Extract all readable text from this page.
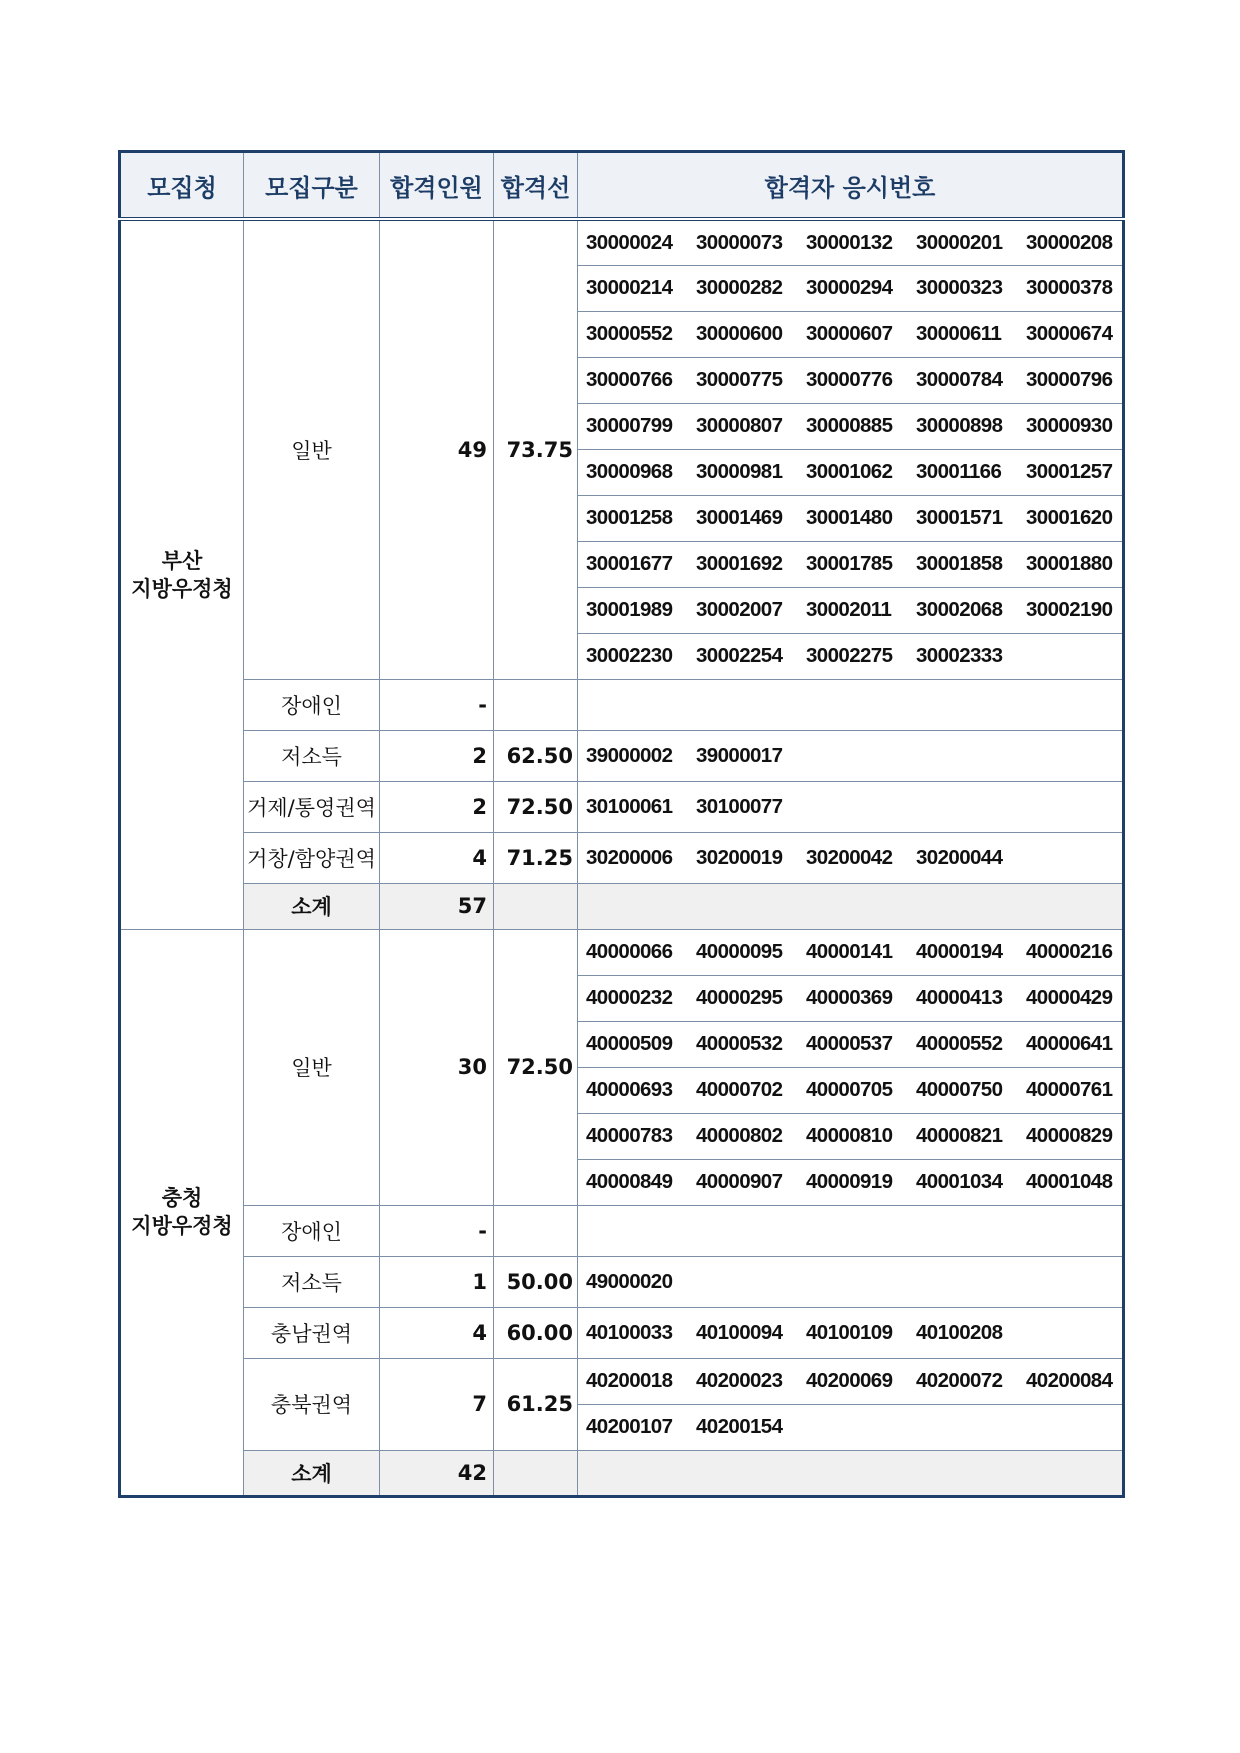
모집청	모집구분	합격인원	합격선	합격자 응시번호

부산
지방우정청	일반	49	73.75	30000024 30000073 30000132 30000201 30000208
				30000214 30000282 30000294 30000323 30000378
				30000552 30000600 30000607 30000611 30000674
				30000766 30000775 30000776 30000784 30000796
				30000799 30000807 30000885 30000898 30000930
				30000968 30000981 30001062 30001166 30001257
				30001258 30001469 30001480 30001571 30001620
				30001677 30001692 30001785 30001858 30001880
				30001989 30002007 30002011 30002068 30002190
				30002230 30002254 30002275 30002333
	장애인	-		
	저소득	2	62.50	39000002 39000017
	거제/통영권역	2	72.50	30100061 30100077
	거창/함양권역	4	71.25	30200006 30200019 30200042 30200044
	소계	57		

충청
지방우정청	일반	30	72.50	40000066 40000095 40000141 40000194 40000216
				40000232 40000295 40000369 40000413 40000429
				40000509 40000532 40000537 40000552 40000641
				40000693 40000702 40000705 40000750 40000761
				40000783 40000802 40000810 40000821 40000829
				40000849 40000907 40000919 40001034 40001048
	장애인	-		
	저소득	1	50.00	49000020
	충남권역	4	60.00	40100033 40100094 40100109 40100208
	충북권역	7	61.25	40200018 40200023 40200069 40200072 40200084
				40200107 40200154
	소계	42		
